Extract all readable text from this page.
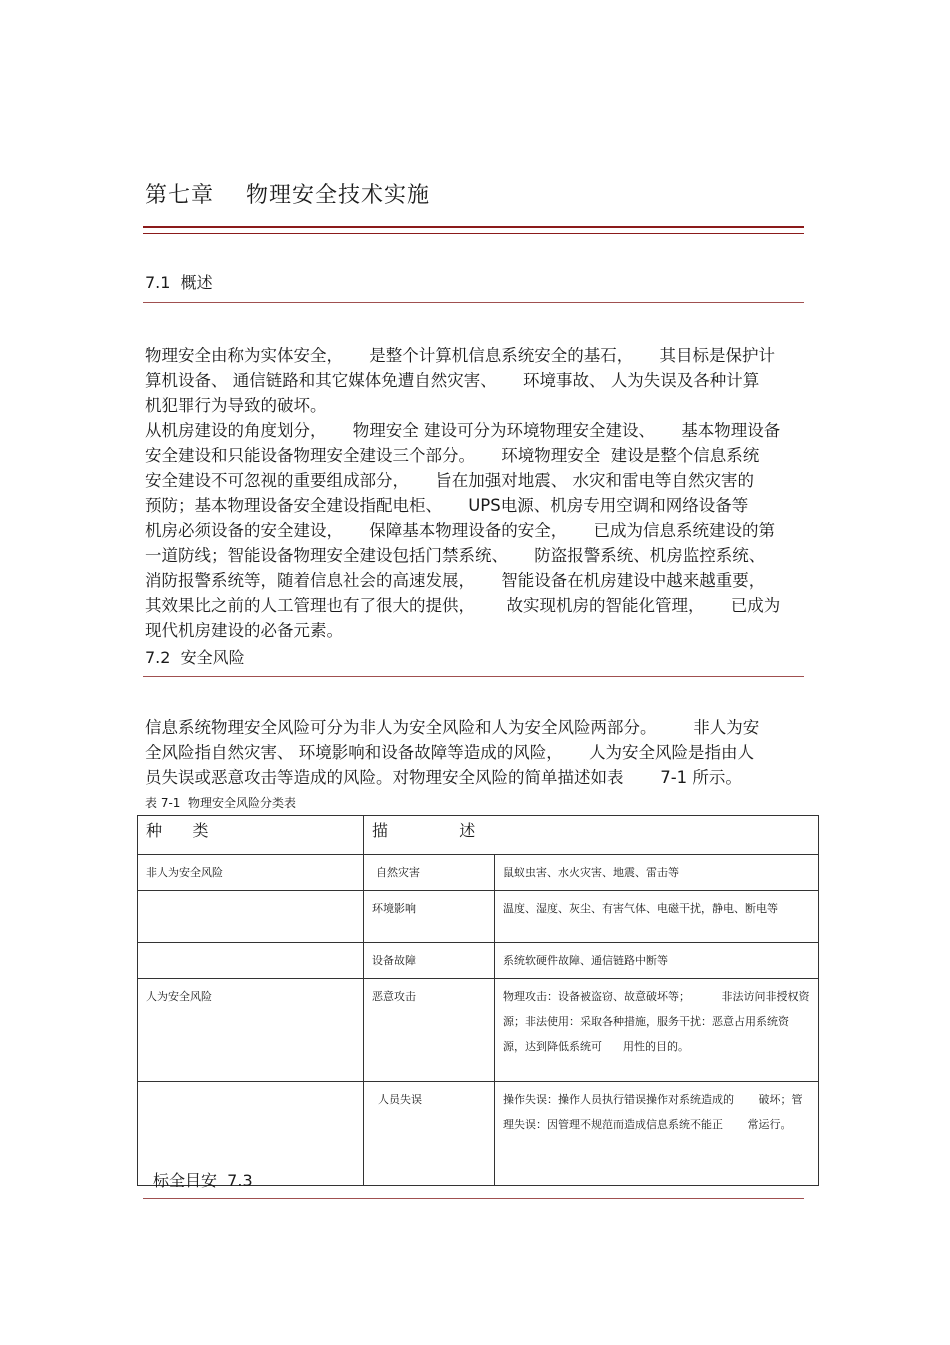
第七章    物理安全技术实施
7.1  概述
物理安全由称为实体安全，     是整个计算机信息系统安全的基石，     其目标是保护计
算机设备、 通信链路和其它媒体免遭自然灾害、     环境事故、 人为失误及各种计算
机犯罪行为导致的破坏。
从机房建设的角度划分，     物理安全 建设可分为环境物理安全建设、     基本物理设备
安全建设和只能设备物理安全建设三个部分。     环境物理安全  建设是整个信息系统
安全建设不可忽视的重要组成部分，     旨在加强对地震、 水灾和雷电等自然灾害的
预防；基本物理设备安全建设指配电柜、     UPS电源、机房专用空调和网络设备等
机房必须设备的安全建设，     保障基本物理设备的安全，     已成为信息系统建设的第
一道防线；智能设备物理安全建设包括门禁系统、     防盗报警系统、机房监控系统、
消防报警系统等，随着信息社会的高速发展，     智能设备在机房建设中越来越重要，
其效果比之前的人工管理也有了很大的提供，      故实现机房的智能化管理，     已成为
现代机房建设的必备元素。
7.2  安全风险
信息系统物理安全风险可分为非人为安全风险和人为安全风险两部分。       非人为安
全风险指自然灾害、 环境影响和设备故障等造成的风险，     人为安全风险是指由人
员失误或恶意攻击等造成的风险。对物理安全风险的简单描述如表       7-1 所示。
表 7-1  物理安全风险分类表
种      类	描              述	
非人为安全风险	自然灾害	鼠蚁虫害、水火灾害、地震、雷击等
	环境影响	温度、湿度、灰尘、有害气体、电磁干扰，静电、断电等
	设备故障	系统软硬件故障、通信链路中断等
人为安全风险	恶意攻击	物理攻击：设备被盗窃、故意破坏等；         非法访问非授权资源；非法使用：采取各种措施，服务干扰：恶意占用系统资源，达到降低系统可      用性的目的。
	人员失误	操作失误：操作人员执行错误操作对系统造成的       破坏；管理失误：因管理不规范而造成信息系统不能正       常运行。
标全目安  7.3
